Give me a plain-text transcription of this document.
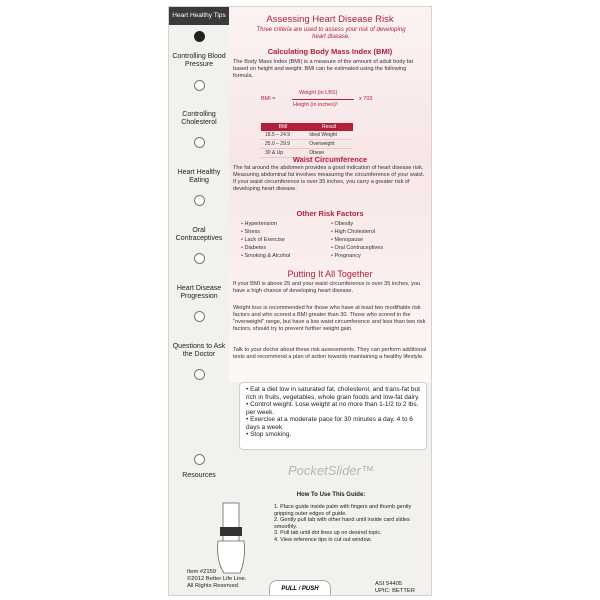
Heart Healthy Tips
Controlling Blood Pressure
Controlling Cholesterol
Heart Healthy Eating
Oral Contraceptives
Heart Disease Progression
Questions to Ask the Doctor
Resources
Assessing Heart Disease Risk
Three criteria are used to assess your risk of developing heart disease.
Calculating Body Mass Index (BMI)
The Body Mass Index (BMI) is a measure of the amount of adult body fat based on height and weight. BMI can be estimated using the following formula.
BMI =
Weight (in LBS)
Height (in inches)²
x 703
BMI	Result
18.5 – 24.9	Ideal Weight
25.0 – 29.9	Overweight
30 & Up	Obese
Waist Circumference
The fat around the abdomen provides a good indication of heart disease risk. Measuring abdominal fat involves measuring the circumference of your waist. If your waist circumference is over 35 inches, you carry a greater risk of developing heart disease.
Other Risk Factors
• Hypertension
• Stress
• Lack of Exercise
• Diabetes
• Smoking & Alcohol
• Obesity
• High Cholesterol
• Menopause
• Oral Contraceptives
• Pregnancy
Putting It All Together
If your BMI is above 25 and your waist circumference is over 35 inches, you have a high chance of developing heart disease.
Weight loss is recommended for those who have at least two modifiable risk factors and who scored a BMI greater than 30. Those who scored in the "overweight" range, but have a low waist circumference and less than two risk factors, should try to prevent further weight gain.
Talk to your doctor about these risk assessments. They can perform additional tests and recommend a plan of action towards maintaining a healthy lifestyle.
• Eat a diet low in saturated fat, cholesterol, and trans-fat but rich in fruits, vegetables, whole grain foods and low-fat dairy.
• Control weight. Lose weight at no more than 1-1/2 to 2 lbs. per week.
• Exercise at a moderate pace for 30 minutes a day, 4 to 6 days a week.
• Stop smoking.
PocketSlider™
How To Use This Guide:
1. Place guide inside palm with fingers and thumb gently gripping outer edges of guide.
2. Gently pull tab with other hand until inside card slides smoothly.
3. Pull tab until dot lines up on desired topic.
4. View reference tips in cut out window.
Item #2159
©2012 Better Life Line.
All Rights Reserved.
PULL / PUSH
ASI 54405
UPIC: BETTER
